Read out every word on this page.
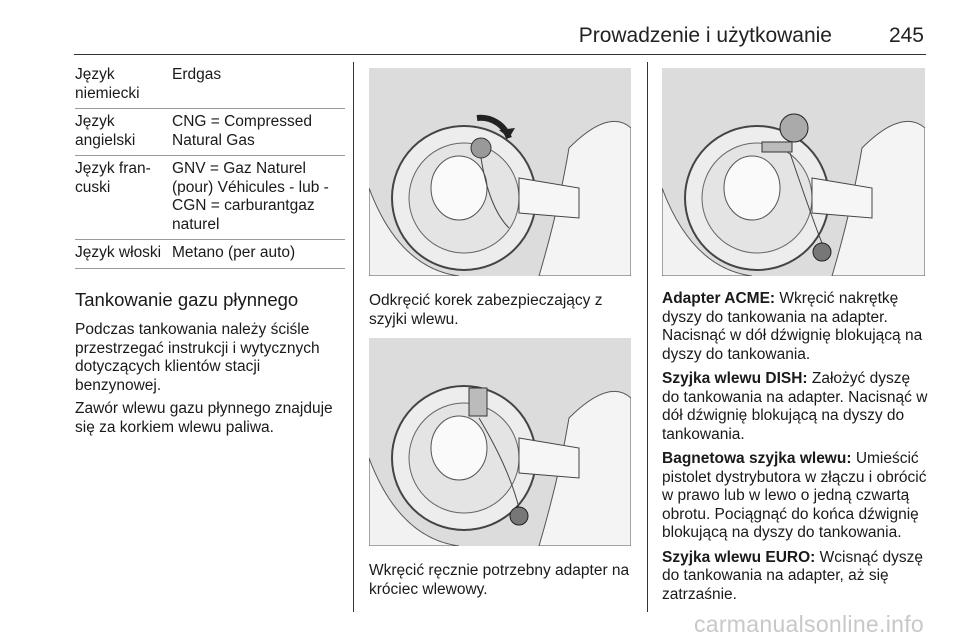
Prowadzenie i użytkowanie	245
Język niemiecki	Erdgas
Język angielski	CNG = Compressed Natural Gas
Język fran-cuski	GNV = Gaz Naturel (pour) Véhicules - lub - CGN = carburantgaz naturel
Język włoski	Metano (per auto)
Tankowanie gazu płynnego

Podczas tankowania należy ściśle przestrzegać instrukcji i wytycznych dotyczących klientów stacji benzynowej.

Zawór wlewu gazu płynnego znajduje się za korkiem wlewu paliwa.

Odkręcić korek zabezpieczający z szyjki wlewu.
Wkręcić ręcznie potrzebny adapter na króciec wlewowy.

Adapter ACME: Wkręcić nakrętkę dyszy do tankowania na adapter. Nacisnąć w dół dźwignię blokującą na dyszy do tankowania.

Szyjka wlewu DISH: Założyć dyszę do tankowania na adapter. Nacisnąć w dół dźwignię blokującą na dyszy do tankowania.

Bagnetowa szyjka wlewu: Umieścić pistolet dystrybutora w złączu i obrócić w prawo lub w lewo o jedną czwartą obrotu. Pociągnąć do końca dźwignię blokującą na dyszy do tankowania.

Szyjka wlewu EURO: Wcisnąć dyszę do tankowania na adapter, aż się zatrzaśnie.

carmanualsonline.info
